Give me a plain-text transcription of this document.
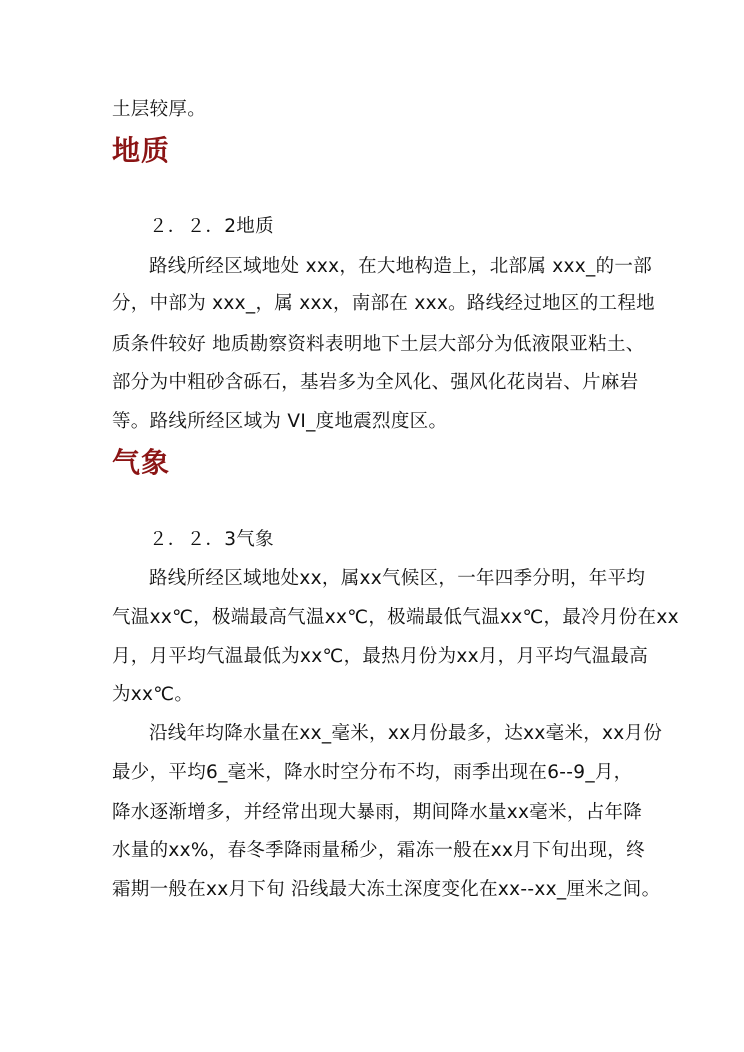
土层较厚。
地质
２．２．2地质
路线所经区域地处 xxx，在大地构造上，北部属 xxx_的一部
分，中部为 xxx_，属 xxx，南部在 xxx。路线经过地区的工程地
质条件较好 地质勘察资料表明地下土层大部分为低液限亚粘土、
部分为中粗砂含砾石，基岩多为全风化、强风化花岗岩、片麻岩
等。路线所经区域为 VI_度地震烈度区。
气象
２．２．3气象
路线所经区域地处xx，属xx气候区，一年四季分明，年平均
气温xx℃，极端最高气温xx℃，极端最低气温xx℃，最冷月份在xx
月，月平均气温最低为xx℃，最热月份为xx月，月平均气温最高
为xx℃。
沿线年均降水量在xx_毫米，xx月份最多，达xx毫米，xx月份
最少，平均6_毫米，降水时空分布不均，雨季出现在6--9_月，
降水逐渐增多，并经常出现大暴雨，期间降水量xx毫米，占年降
水量的xx%，春冬季降雨量稀少，霜冻一般在xx月下旬出现，终
霜期一般在xx月下旬 沿线最大冻土深度变化在xx--xx_厘米之间。
